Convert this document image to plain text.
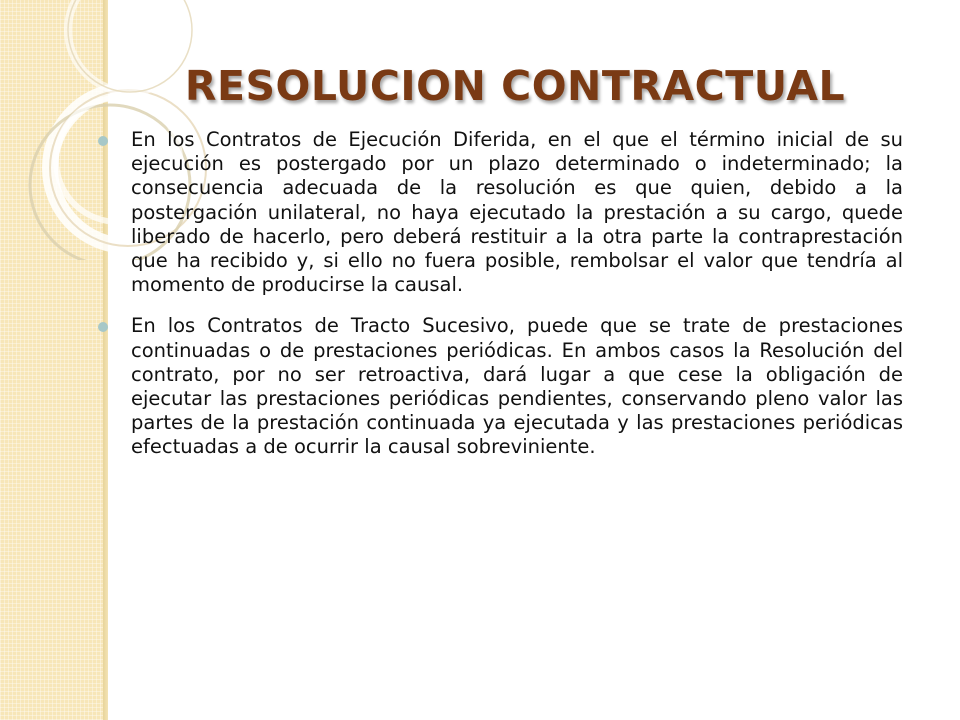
RESOLUCION CONTRACTUAL
En los Contratos de Ejecución Diferida, en el que el término inicial de su ejecución es postergado por un plazo determinado o indeterminado; la consecuencia adecuada de la resolución es que quien, debido a la postergación unilateral, no haya ejecutado la prestación a su cargo, quede liberado de hacerlo, pero deberá restituir a la otra parte la contraprestación que ha recibido y, si ello no fuera posible, rembolsar el valor que tendría al momento de producirse la causal.
En los Contratos de Tracto Sucesivo, puede que se trate de prestaciones continuadas o de prestaciones periódicas. En ambos casos la Resolución del contrato, por no ser retroactiva, dará lugar a que cese la obligación de ejecutar las prestaciones periódicas pendientes, conservando pleno valor las partes de la prestación continuada ya ejecutada y las prestaciones periódicas efectuadas a de ocurrir la causal sobreviniente.
